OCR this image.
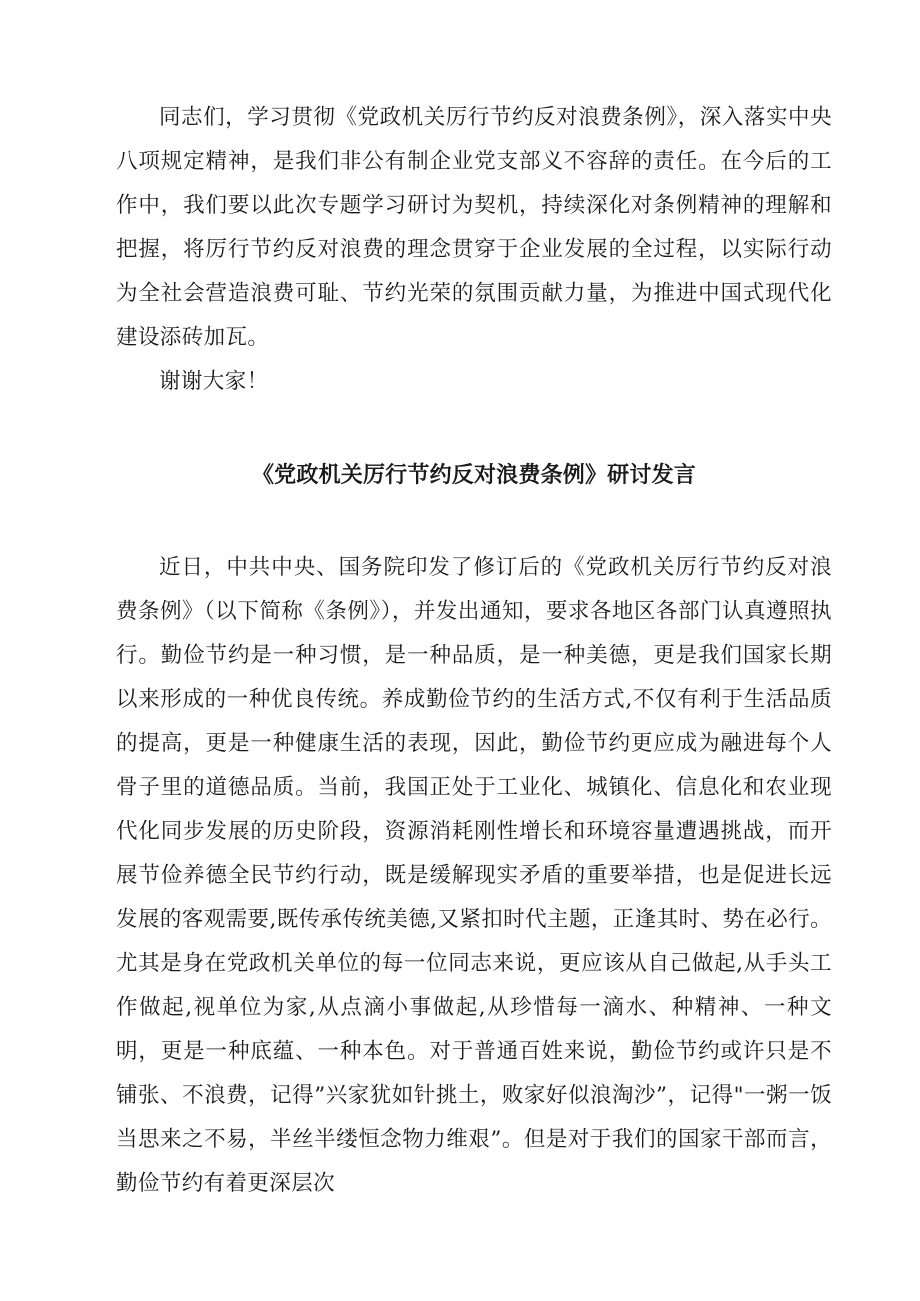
同志们，学习贯彻《党政机关厉行节约反对浪费条例》，深入落实中央八项规定精神，是我们非公有制企业党支部义不容辞的责任。在今后的工作中，我们要以此次专题学习研讨为契机，持续深化对条例精神的理解和把握，将厉行节约反对浪费的理念贯穿于企业发展的全过程，以实际行动为全社会营造浪费可耻、节约光荣的氛围贡献力量，为推进中国式现代化建设添砖加瓦。

谢谢大家！

《党政机关厉行节约反对浪费条例》研讨发言

近日，中共中央、国务院印发了修订后的《党政机关厉行节约反对浪费条例》（以下简称《条例》），并发出通知，要求各地区各部门认真遵照执行。勤俭节约是一种习惯，是一种品质，是一种美德，更是我们国家长期以来形成的一种优良传统。养成勤俭节约的生活方式,不仅有利于生活品质的提高，更是一种健康生活的表现，因此，勤俭节约更应成为融进每个人骨子里的道德品质。当前，我国正处于工业化、城镇化、信息化和农业现代化同步发展的历史阶段，资源消耗刚性增长和环境容量遭遇挑战，而开展节俭养德全民节约行动，既是缓解现实矛盾的重要举措，也是促进长远发展的客观需要,既传承传统美德,又紧扣时代主题，正逢其时、势在必行。尤其是身在党政机关单位的每一位同志来说，更应该从自己做起,从手头工作做起,视单位为家,从点滴小事做起,从珍惜每一滴水、种精神、一种文明，更是一种底蕴、一种本色。对于普通百姓来说，勤俭节约或许只是不铺张、不浪费，记得”兴家犹如针挑土，败家好似浪淘沙”，记得"一粥一饭当思来之不易，半丝半缕恒念物力维艰”。但是对于我们的国家干部而言，勤俭节约有着更深层次
